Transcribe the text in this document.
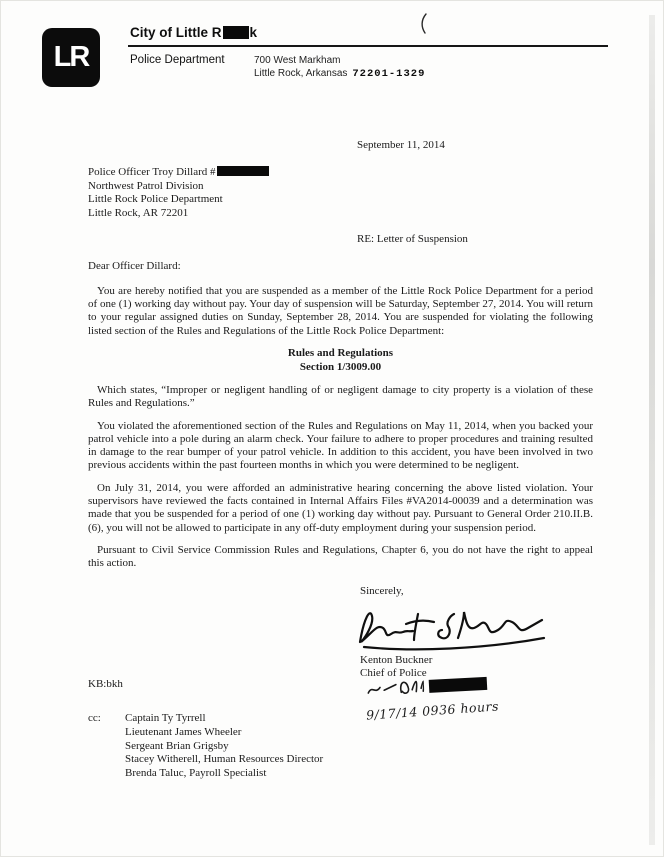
LR
City of Little R k
Police Department	700 West Markham
Little Rock, Arkansas 72201-1329
September 11, 2014
Police Officer Troy Dillard #
Northwest Patrol Division
Little Rock Police Department
Little Rock, AR 72201
RE: Letter of Suspension
Dear Officer Dillard:

You are hereby notified that you are suspended as a member of the Little Rock Police Department for a period of one (1) working day without pay. Your day of suspension will be Saturday, September 27, 2014. You will return to your regular assigned duties on Sunday, September 28, 2014. You are suspended for violating the following listed section of the Rules and Regulations of the Little Rock Police Department:

Rules and Regulations
Section 1/3009.00

Which states, “Improper or negligent handling of or negligent damage to city property is a violation of these Rules and Regulations.”

You violated the aforementioned section of the Rules and Regulations on May 11, 2014, when you backed your patrol vehicle into a pole during an alarm check. Your failure to adhere to proper procedures and training resulted in damage to the rear bumper of your patrol vehicle. In addition to this accident, you have been involved in two previous accidents within the past fourteen months in which you were determined to be negligent.

On July 31, 2014, you were afforded an administrative hearing concerning the above listed violation. Your supervisors have reviewed the facts contained in Internal Affairs Files #VA2014-00039 and a determination was made that you be suspended for a period of one (1) working day without pay. Pursuant to General Order 210.II.B.(6), you will not be allowed to participate in any off-duty employment during your suspension period.

Pursuant to Civil Service Commission Rules and Regulations, Chapter 6, you do not have the right to appeal this action.

Sincerely,
Kenton Buckner
Chief of Police
KB:bkh
9/17/14 0936 hours
cc:	Captain Ty Tyrrell
Lieutenant James Wheeler
Sergeant Brian Grigsby
Stacey Witherell, Human Resources Director
Brenda Taluc, Payroll Specialist
